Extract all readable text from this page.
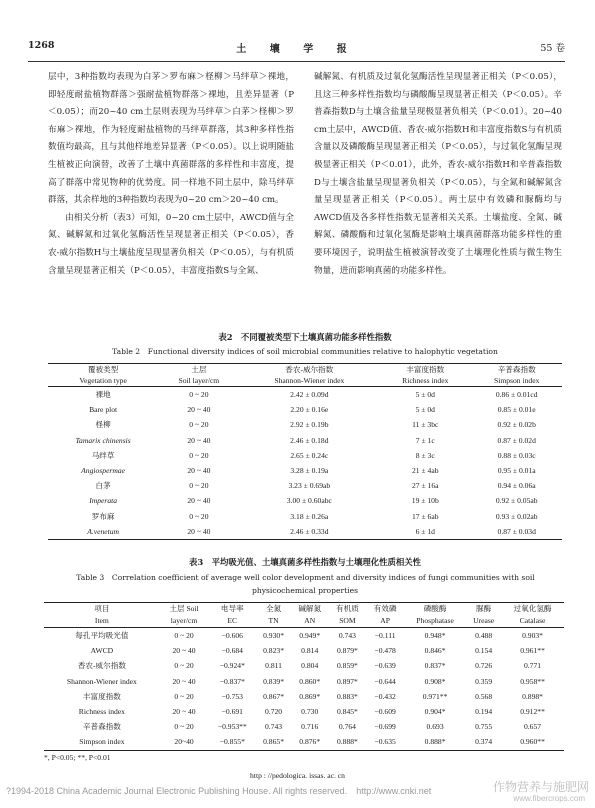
1268	土 壤 学 报	55 卷

层中，3种指数均表现为白茅＞罗布麻＞柽柳＞马绊草＞裸地，即轻度耐盐植物群落＞强耐盐植物群落＞裸地，且差异显著（P＜0.05）；而20~40 cm土层则表现为马绊草＞白茅＞柽柳＞罗布麻＞裸地，作为轻度耐盐植物的马绊草群落，其3种多样性指数值均最高，且与其他样地差异显著（P＜0.05）。以上说明随盐生植被正向演替，改善了土壤中真菌群落的多样性和丰富度，提高了群落中常见物种的优势度。同一样地不同土层中，除马绊草群落，其余样地的3种指数均表现为0~20 cm＞20~40 cm。

由相关分析（表3）可知，0~20 cm土层中，AWCD值与全氮、碱解氮和过氧化氢酶活性呈现显著正相关（P＜0.05），香农-威尔指数H与土壤盐度呈现显著负相关（P＜0.05），与有机质含量呈现显著正相关（P＜0.05），丰富度指数S与全氮、

碱解氮、有机质及过氧化氢酶活性呈现显著正相关（P＜0.05），且这三种多样性指数均与磷酸酶呈现显著正相关（P＜0.05）。辛普森指数D与土壤含盐量呈现极显著负相关（P＜0.01）。20~40 cm土层中，AWCD值、香农-威尔指数H和丰富度指数S与有机质含量以及磷酸酶呈现显著正相关（P＜0.05），与过氧化氢酶呈现极显著正相关（P＜0.01），此外，香农-威尔指数H和辛普森指数D与土壤含盐量呈现显著负相关（P＜0.05），与全氮和碱解氮含量呈现显著正相关（P＜0.05）。两土层中有效磷和脲酶均与AWCD值及各多样性指数无显著相关关系。土壤盐度、全氮、碱解氮、磷酸酶和过氧化氢酶是影响土壤真菌群落功能多样性的重要环境因子，说明盐生植被演替改变了土壤理化性质与微生物生物量，进而影响真菌的功能多样性。

表2　不同覆被类型下土壤真菌功能多样性指数
Table 2　Functional diversity indices of soil microbial communities relative to halophytic vegetation
覆被类型	土层	香农-威尔指数	丰富度指数	辛普森指数
Vegetation type	Soil layer/cm	Shannon-Wiener index	Richness index	Simpson index
裸地	0 ~ 20	2.42 ± 0.09d	5 ± 0d	0.86 ± 0.01cd
Bare plot	20 ~ 40	2.20 ± 0.16e	5 ± 0d	0.85 ± 0.01e
柽柳	0 ~ 20	2.92 ± 0.19b	11 ± 3bc	0.92 ± 0.02b
Tamarix chinensis	20 ~ 40	2.46 ± 0.18d	7 ± 1c	0.87 ± 0.02d
马绊草	0 ~ 20	2.65 ± 0.24c	8 ± 3c	0.88 ± 0.03c
Angiospermae	20 ~ 40	3.28 ± 0.19a	21 ± 4ab	0.95 ± 0.01a
白茅	0 ~ 20	3.23 ± 0.69ab	27 ± 16a	0.94 ± 0.06a
Imperata	20 ~ 40	3.00 ± 0.60abc	19 ± 10b	0.92 ± 0.05ab
罗布麻	0 ~ 20	3.18 ± 0.26a	17 ± 6ab	0.93 ± 0.02ab
A.venetum	20 ~ 40	2.46 ± 0.33d	6 ± 1d	0.87 ± 0.03d
表3　平均吸光值、土壤真菌多样性指数与土壤理化性质相关性
Table 3　Correlation coefficient of average well color development and diversity indices of fungi communities with soil
physicochemical properties
项目	土层 Soil	电导率	全氮	碱解氮	有机质	有效磷	磷酸酶	脲酶	过氧化氢酶
Item	layer/cm	EC	TN	AN	SOM	AP	Phosphatase	Urease	Catalase
每孔平均吸光值	0 ~ 20	−0.606	0.930*	0.949*	0.743	−0.111	0.948*	0.488	0.903*
AWCD	20 ~ 40	−0.684	0.823*	0.814	0.879*	−0.478	0.846*	0.154	0.961**
香农-威尔指数	0 ~ 20	−0.924*	0.811	0.804	0.859*	−0.639	0.837*	0.726	0.771
Shannon-Wiener index	20 ~ 40	−0.837*	0.839*	0.860*	0.897*	−0.644	0.908*	0.359	0.958**
丰富度指数	0 ~ 20	−0.753	0.867*	0.869*	0.883*	−0.432	0.971**	0.568	0.898*
Richness index	20 ~ 40	−0.691	0.720	0.730	0.845*	−0.609	0.904*	0.194	0.912**
辛普森指数	0 ~ 20	−0.953**	0.743	0.716	0.764	−0.699	0.693	0.755	0.657
Simpson index	20~40	−0.855*	0.865*	0.876*	0.888*	−0.635	0.888*	0.374	0.960**
*, P<0.05; **, P<0.01
http : //pedologica. issas. ac. cn
?1994-2018 China Academic Journal Electronic Publishing House. All rights reserved.　http://www.cnki.net	作物营养与施肥网
www.fibercrops.com
